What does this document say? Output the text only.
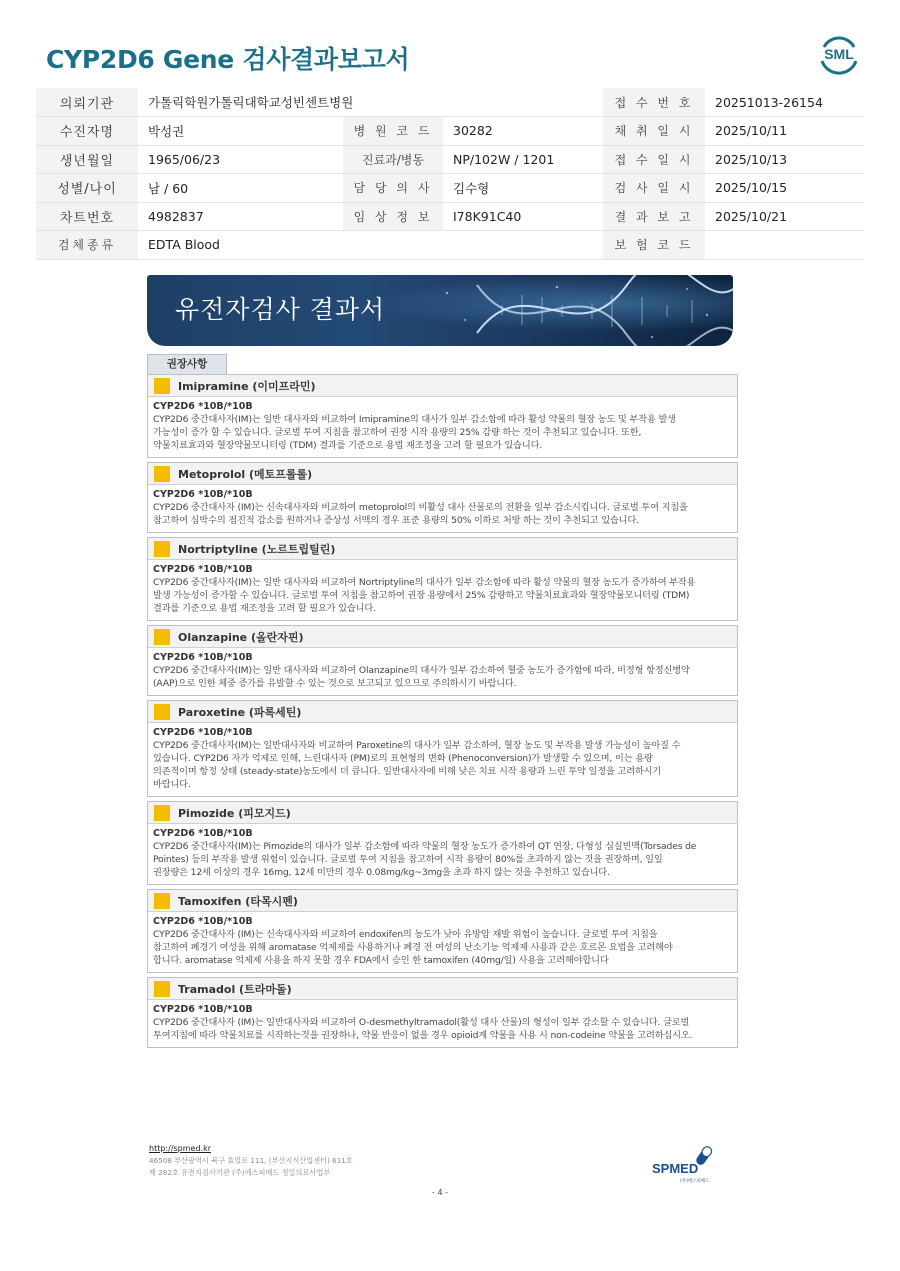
CYP2D6 Gene 검사결과보고서	SML
의뢰기관	가톨릭학원가톨릭대학교성빈센트병원			접 수 번 호	20251013-26154
수진자명	박성권	병 원 코 드	30282	채 취 일 시	2025/10/11
생년월일	1965/06/23	진료과/병동	NP/102W / 1201	접 수 일 시	2025/10/13
성별/나이	남 / 60	담 당 의 사	김수형	검 사 일 시	2025/10/15
차트번호	4982837	임 상 정 보	I78K91C40	결 과 보 고	2025/10/21
검체종류	EDTA Blood			보 험 코 드	
유전자검사 결과서
권장사항
Imipramine (이미프라민)
CYP2D6 *10B/*10B
CYP2D6 중간대사자(IM)는 일반 대사자와 비교하여 Imipramine의 대사가 일부 감소함에 따라 활성 약물의 혈장 농도 및 부작용 발생
가능성이 증가 할 수 있습니다. 글로벌 투여 지침을 참고하여 권장 시작 용량의 25% 감량 하는 것이 추천되고 있습니다. 또한,
약물치료효과와 혈장약물모니터링 (TDM) 결과를 기준으로 용법 재조정을 고려 할 필요가 있습니다.
Metoprolol (메토프롤롤)
CYP2D6 *10B/*10B
CYP2D6 중간대사자 (IM)는 신속대사자와 비교하여 metoprolol의 비활성 대사 산물로의 전환을 일부 감소시킵니다. 글로벌 투여 지침을
참고하여 심박수의 점진적 감소를 원하거나 증상성 서맥의 경우 표준 용량의 50% 이하로 처방 하는 것이 추천되고 있습니다.
Nortriptyline (노르트립틸린)
CYP2D6 *10B/*10B
CYP2D6 중간대사자(IM)는 일반 대사자와 비교하여 Nortriptyline의 대사가 일부 감소함에 따라 활성 약물의 혈장 농도가 증가하여 부작용
발생 가능성이 증가할 수 있습니다. 글로벌 투여 지침을 참고하여 권장 용량에서 25% 감량하고 약물치료효과와 혈장약물모니터링 (TDM)
결과를 기준으로 용법 재조정을 고려 할 필요가 있습니다.
Olanzapine (올란자핀)
CYP2D6 *10B/*10B
CYP2D6 중간대사자(IM)는 일반 대사자와 비교하여 Olanzapine의 대사가 일부 감소하여 혈중 농도가 증가함에 따라, 비정형 항정신병약
(AAP)으로 인한 체중 증가를 유발할 수 있는 것으로 보고되고 있으므로 주의하시기 바랍니다.
Paroxetine (파록세틴)
CYP2D6 *10B/*10B
CYP2D6 중간대사자(IM)는 일반대사자와 비교하여 Paroxetine의 대사가 일부 감소하여, 혈장 농도 및 부작용 발생 가능성이 높아질 수
있습니다. CYP2D6 자가 억제로 인해, 느린대사자 (PM)로의 표현형의 변화 (Phenoconversion)가 발생할 수 있으며, 이는 용량
의존적이며 항정 상태 (steady-state)농도에서 더 큽니다. 일반대사자에 비해 낮은 치료 시작 용량과 느린 투약 일정을 고려하시기
바랍니다.
Pimozide (피모지드)
CYP2D6 *10B/*10B
CYP2D6 중간대사자(IM)는 Pimozide의 대사가 일부 감소함에 따라 약물의 혈장 농도가 증가하여 QT 연장, 다형성 심실빈맥(Torsades de
Pointes) 등의 부작용 발생 위험이 있습니다. 글로벌 투여 지침을 참고하여 시작 용량이 80%를 초과하지 않는 것을 권장하며, 일일
권장량은 12세 이상의 경우 16mg, 12세 미만의 경우 0.08mg/kg~3mg을 초과 하지 않는 것을 추천하고 있습니다.
Tamoxifen (타목시펜)
CYP2D6 *10B/*10B
CYP2D6 중간대사자 (IM)는 신속대사자와 비교하여 endoxifen의 농도가 낮아 유방암 재발 위험이 높습니다. 글로벌 투여 지침을
참고하여 폐경기 여성을 위해 aromatase 억제제를 사용하거나 폐경 전 여성의 난소기능 억제제 사용과 같은 호르몬 요법을 고려해야
합니다. aromatase 억제제 사용을 하지 못할 경우 FDA에서 승인 한 tamoxifen (40mg/일) 사용을 고려해야합니다
Tramadol (트라마돌)
CYP2D6 *10B/*10B
CYP2D6 중간대사자 (IM)는 일반대사자와 비교하여 O-desmethyltramadol(활성 대사 산물)의 형성이 일부 감소할 수 있습니다. 글로벌
투여지침에 따라 약물치료를 시작하는것을 권장하나, 약물 반응이 없을 경우 opioid계 약물을 사용 시 non-codeine 약물을 고려하십시오.
http://spmed.kr
46508 부산광역시 북구 효열로 111, (부산지식산업센터) 611호
제 282호 유전자검사기관 (주)에스피메드 정밀의료사업부	SPMED
(주)에스피메드
- 4 -
